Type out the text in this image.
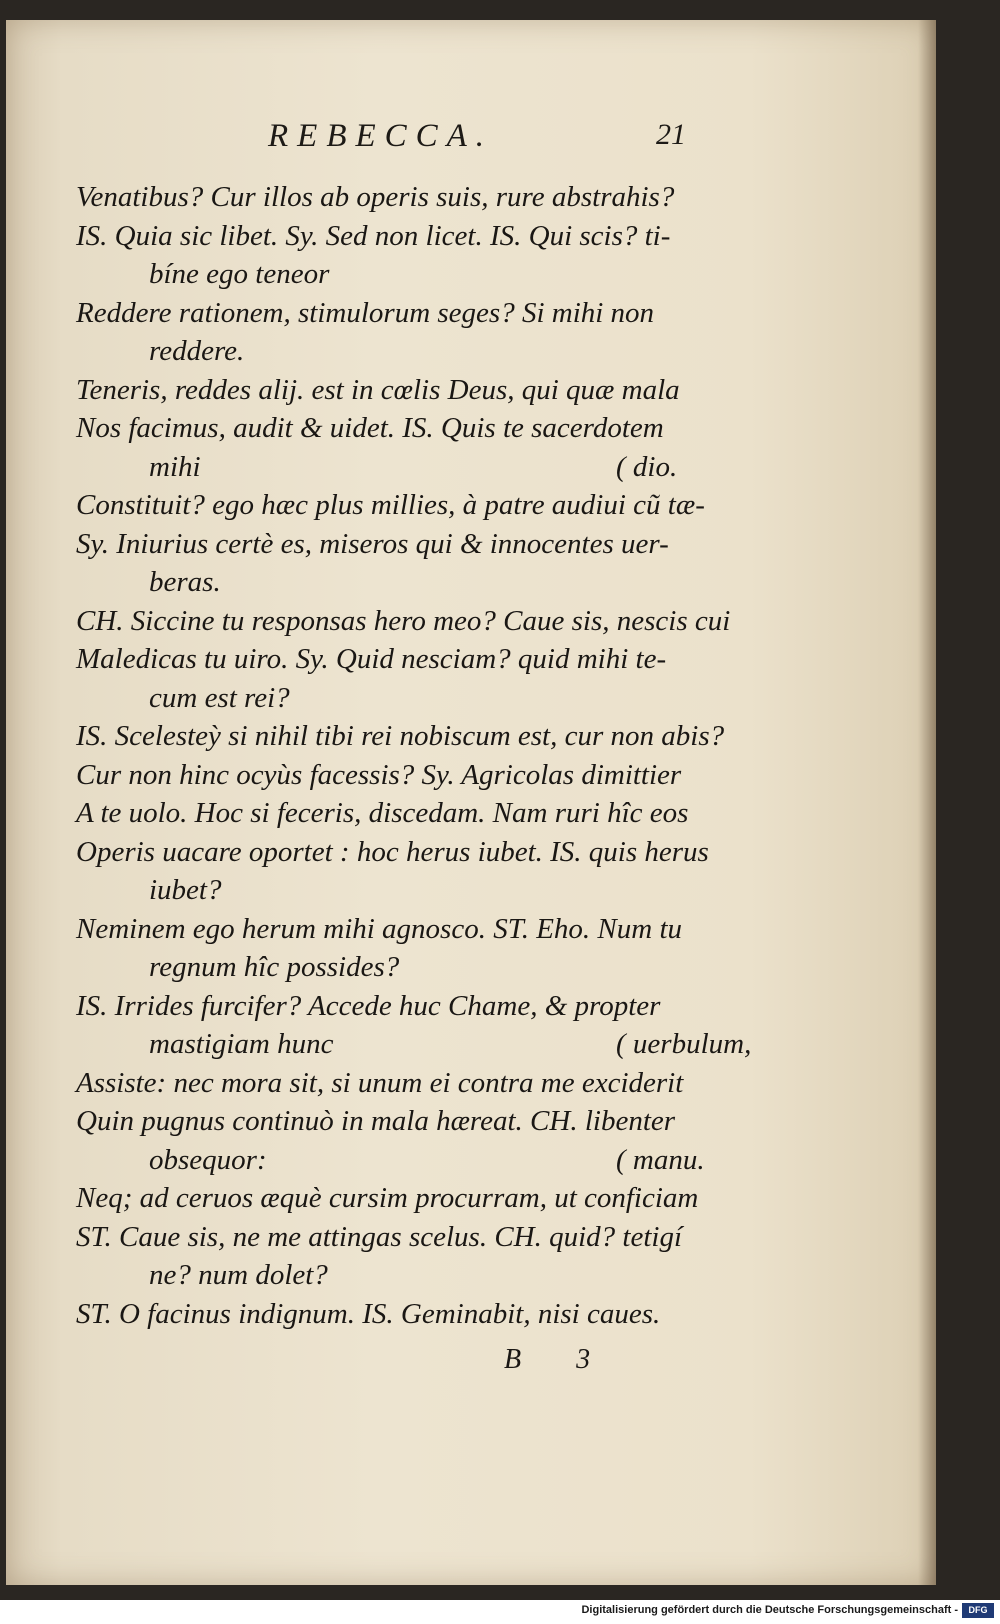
REBECCA.	21
Venatibus? Cur illos ab operis suis, rure abstrahis?
IS. Quia sic libet. Sy. Sed non licet. IS. Qui scis? ti-
bíne ego teneor
Reddere rationem, stimulorum seges? Si mihi non
reddere.
Teneris, reddes alij. est in cœlis Deus, qui quæ mala
Nos facimus, audit & uidet. IS. Quis te sacerdotem
mihi	( dio.
Constituit? ego hæc plus millies, à patre audiui cũ tæ-
Sy. Iniurius certè es, miseros qui & innocentes uer-
beras.
CH. Siccine tu responsas hero meo? Caue sis, nescis cui
Maledicas tu uiro. Sy. Quid nesciam? quid mihi te-
cum est rei?
IS. Scelesteỳ si nihil tibi rei nobiscum est, cur non abis?
Cur non hinc ocyùs facessis? Sy. Agricolas dimittier
A te uolo. Hoc si feceris, discedam. Nam ruri hîc eos
Operis uacare oportet : hoc herus iubet. IS. quis herus
iubet?
Neminem ego herum mihi agnosco. ST. Eho. Num tu
regnum hîc possides?
IS. Irrides furcifer? Accede huc Chame, & propter
mastigiam hunc	( uerbulum,
Assiste: nec mora sit, si unum ei contra me exciderit
Quin pugnus continuò in mala hæreat. CH. libenter
obsequor:	( manu.
Neq; ad ceruos æquè cursim procurram, ut conficiam
ST. Caue sis, ne me attingas scelus. CH. quid? tetigí
ne? num dolet?
ST. O facinus indignum. IS. Geminabit, nisi caues.
B 3
Digitalisierung gefördert durch die Deutsche Forschungsgemeinschaft -	DFG
